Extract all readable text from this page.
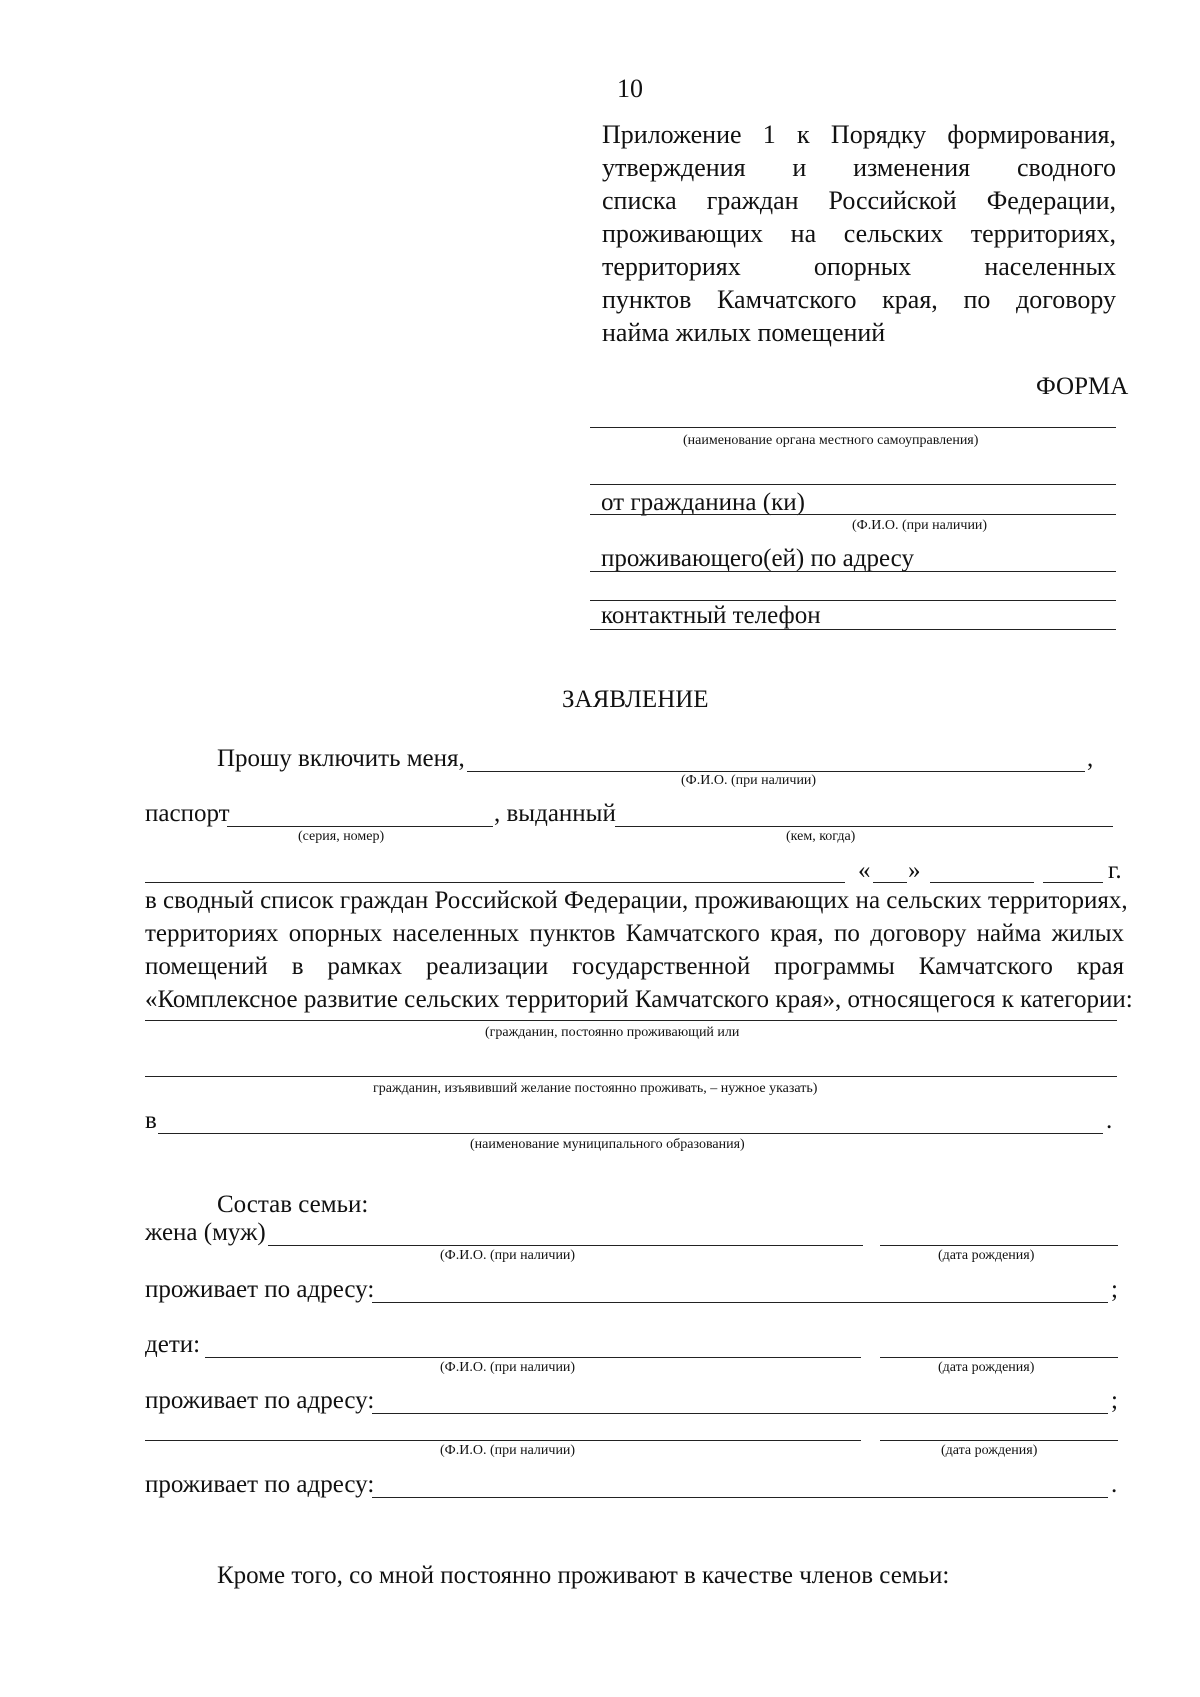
10
Приложение 1 к Порядку формирования,
утверждения и изменения сводного
списка граждан Российской Федерации,
проживающих на сельских территориях,
территориях опорных населенных
пунктов Камчатского края, по договору
найма жилых помещений
ФОРМА
(наименование органа местного самоуправления)
от гражданина (ки)
(Ф.И.О. (при наличии)
проживающего(ей) по адресу
контактный телефон
ЗАЯВЛЕНИЕ
Прошу включить меня,	,
(Ф.И.О. (при наличии)
паспорт	, выданный
(серия, номер)	(кем, когда)
« »	г.
в сводный список граждан Российской Федерации, проживающих на сельских территориях,
территориях опорных населенных пунктов Камчатского края, по договору найма жилых
помещений в рамках реализации государственной программы Камчатского края
«Комплексное развитие сельских территорий Камчатского края», относящегося к категории:
(гражданин, постоянно проживающий или
гражданин, изъявивший желание постоянно проживать, – нужное указать)
в	.
(наименование муниципального образования)
Состав семьи:
жена (муж)
(Ф.И.О. (при наличии)	(дата рождения)
проживает по адресу:	;
дети:
(Ф.И.О. (при наличии)	(дата рождения)
проживает по адресу:	;
(Ф.И.О. (при наличии)	(дата рождения)
проживает по адресу:	.
Кроме того, со мной постоянно проживают в качестве членов семьи:
